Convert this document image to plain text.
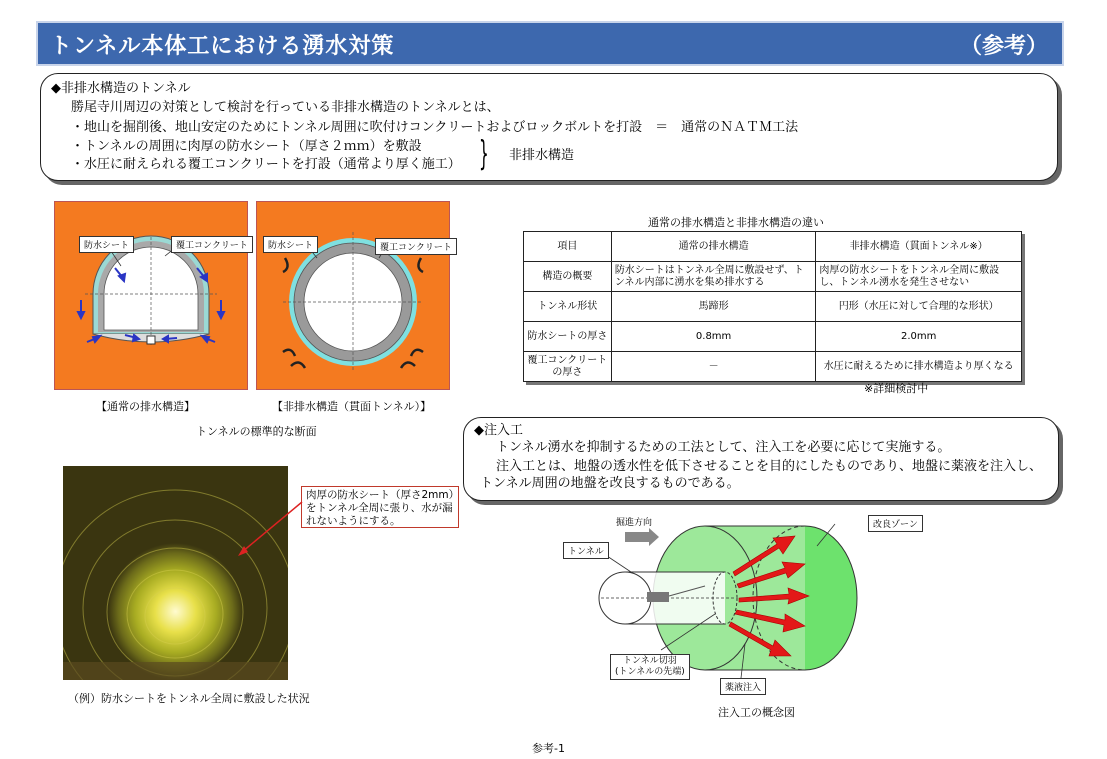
トンネル本体工における湧水対策	（参考）
◆非排水構造のトンネル
勝尾寺川周辺の対策として検討を行っている非排水構造のトンネルとは、
・地山を掘削後、地山安定のためにトンネル周囲に吹付けコンクリートおよびロックボルトを打設　＝　通常のＮＡＴＭ工法
・トンネルの周囲に肉厚の防水シート（厚さ２ｍｍ）を敷設
・水圧に耐えられる覆工コンクリートを打設（通常より厚く施工） } 非排水構造
防水シート	覆工コンクリート	防水シート	覆工コンクリート
【通常の排水構造】	【非排水構造（貫面トンネル）】
トンネルの標準的な断面
通常の排水構造と非排水構造の違い
項目	通常の排水構造	非排水構造（貫面トンネル※）
構造の概要	防水シートはトンネル全周に敷設せず、トンネル内部に湧水を集め排水する	肉厚の防水シートをトンネル全周に敷設し、トンネル湧水を発生させない
トンネル形状	馬蹄形	円形（水圧に対して合理的な形状）
防水シートの厚さ	0.8mm	2.0mm
覆工コンクリートの厚さ	－	水圧に耐えるために排水構造より厚くなる
※詳細検討中
肉厚の防水シート（厚さ2mm）をトンネル全周に張り、水が漏れないようにする。
（例）防水シートをトンネル全周に敷設した状況
◆注入工
トンネル湧水を抑制するための工法として、注入工を必要に応じて実施する。
注入工とは、地盤の透水性を低下させることを目的にしたものであり、地盤に薬液を注入し、
トンネル周囲の地盤を改良するものである。
掘進方向
トンネル
改良ゾーン
トンネル切羽
(トンネルの先端)
薬液注入
注入工の概念図
参考-1
